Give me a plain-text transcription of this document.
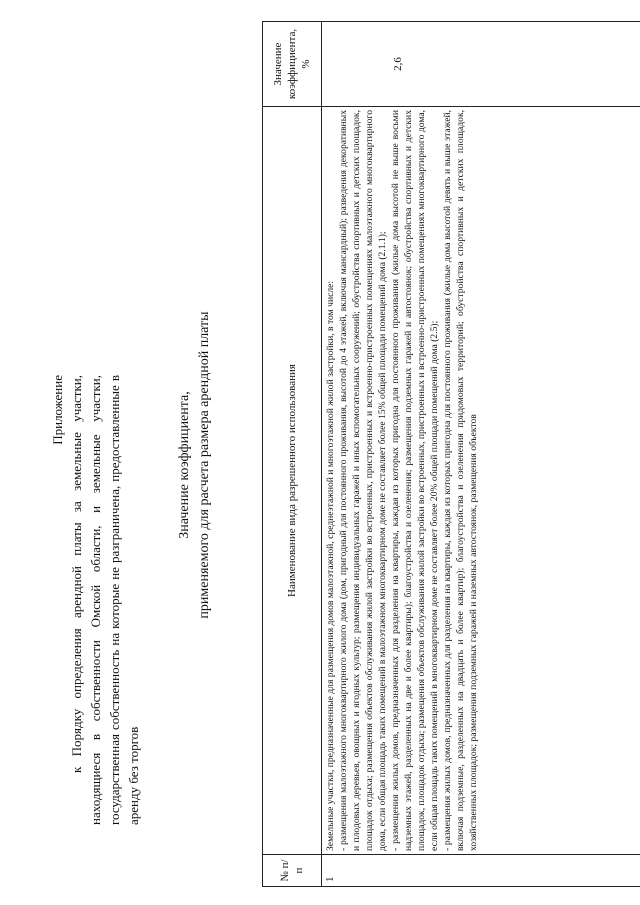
Приложение к Порядку определения арендной платы за земельные участки, находящиеся в собственности Омской области, и земельные участки, государственная собственность на которые не разграничена, предоставленные в аренду без торгов
Значение коэффициента, применяемого для расчета размера арендной платы
№ п/п	Наименование вида разрешенного использования	Значение коэффициента, %
1	Земельные участки, предназначенные для размещения домов малоэтажной, среднеэтажной и многоэтажной жилой застройки, в том числе: - размещения малоэтажного многоквартирного жилого дома (дом, пригодный для постоянного проживания, высотой до 4 этажей, включая мансардный); разведения декоративных и плодовых деревьев, овощных и ягодных культур; размещения индивидуальных гаражей и иных вспомогательных сооружений; обустройства спортивных и детских площадок, площадок отдыха; размещения объектов обслуживания жилой застройки во встроенных, пристроенных и встроенно-пристроенных помещениях малоэтажного многоквартирного дома, если общая площадь таких помещений в малоэтажном многоквартирном доме не составляет более 15% общей площади помещений дома (2.1.1); - размещения жилых домов, предназначенных для разделения на квартиры, каждая из которых пригодна для постоянного проживания (жилые дома высотой не выше восьми надземных этажей, разделенных на две и более квартиры); благоустройства и озеленения; размещения подземных гаражей и автостоянок; обустройства спортивных и детских площадок, площадок отдыха; размещения объектов обслуживания жилой застройки во встроенных, пристроенных и встроенно-пристроенных помещениях многоквартирного дома, если общая площадь таких помещений в многоквартирном доме не составляет более 20% общей площади помещений дома (2.5); - размещения жилых домов, предназначенных для разделения на квартиры, каждая из которых пригодна для постоянного проживания (жилые дома высотой девять и выше этажей, включая подземные, разделенных на двадцать и более квартир); благоустройства и озеленения придомовых территорий; обустройства спортивных и детских площадок, хозяйственных площадок; размещения подземных гаражей и наземных автостоянок, размещения объектов	2,6
